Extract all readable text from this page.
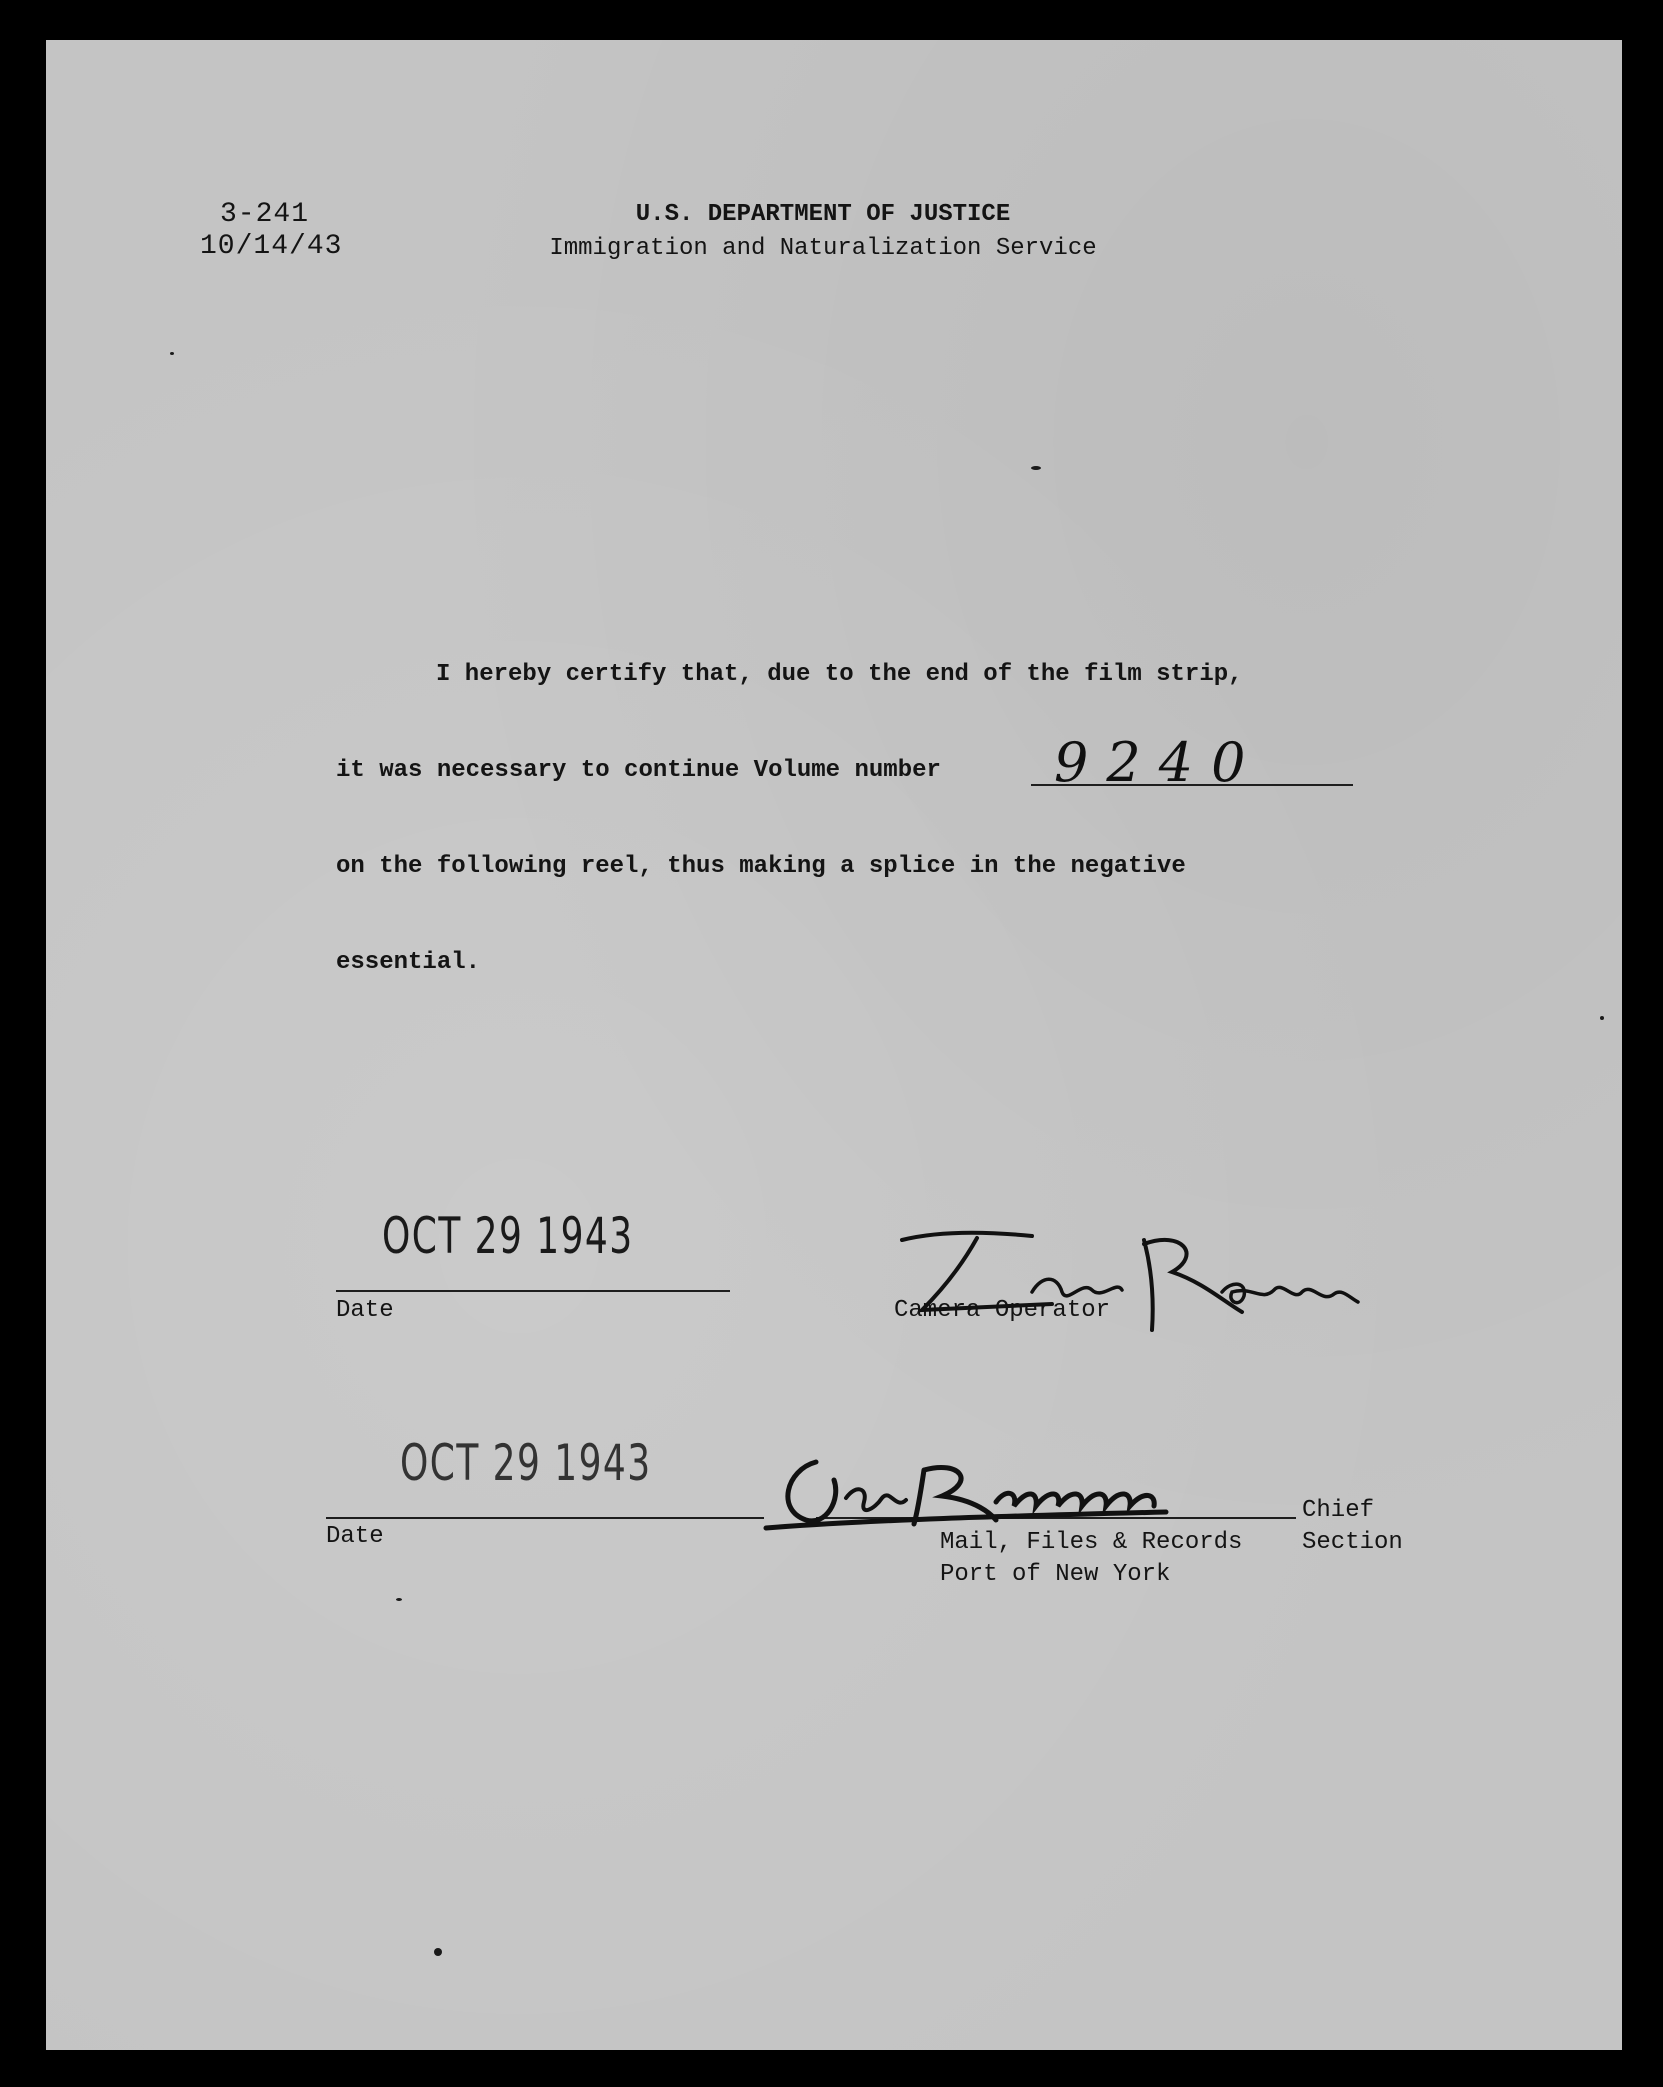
3-241
10/14/43
U.S. DEPARTMENT OF JUSTICE
Immigration and Naturalization Service
I hereby certify that, due to the end of the film strip,
it was necessary to continue Volume number 9240
on the following reel, thus making a splice in the negative
essential.
OCT 29 1943
Date	Camera Operator
OCT 29 1943
Date
Chief
Mail, Files & Records Section
Port of New York
